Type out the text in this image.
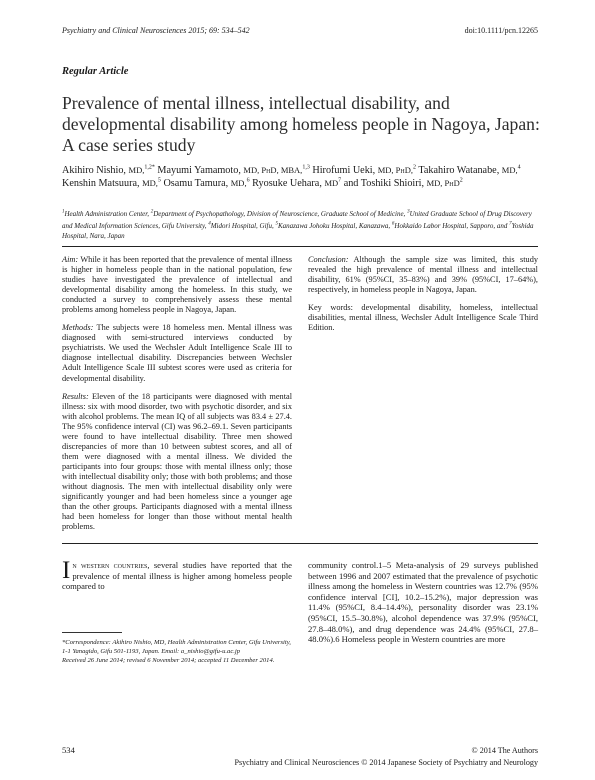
Psychiatry and Clinical Neurosciences 2015; 69: 534–542	doi:10.1111/pcn.12265
Regular Article
Prevalence of mental illness, intellectual disability, and developmental disability among homeless people in Nagoya, Japan: A case series study
Akihiro Nishio, MD,$^{1,2*}$ Mayumi Yamamoto, MD, PhD, MBA,$^{1,3}$ Hirofumi Ueki, MD, PhD,$^2$ Takahiro Watanabe, MD,$^4$ Kenshin Matsuura, MD,$^5$ Osamu Tamura, MD,$^6$ Ryosuke Uehara, $MD^7$ and Toshiki Shioiri, MD, PhD$^2$
$^1$Health Administration Center, $^2$Department of Psychopathology, Division of Neuroscience, Graduate School of Medicine, $^3$United Graduate School of Drug Discovery and Medical Information Sciences, Gifu University, $^4$Midori Hospital, Gifu, $^5$Kanazawa Johoku Hospital, Kanazawa, $^6$Hokkaido Labor Hospital, Sapporo, and $^7$Yoshida Hospital, Nara, Japan

Aim: While it has been reported that the prevalence of mental illness is higher in homeless people than in the national population, few studies have investigated the prevalence of intellectual and developmental disability among the homeless. In this study, we conducted a survey to comprehensively assess these mental problems among homeless people in Nagoya, Japan.

Methods: The subjects were 18 homeless men. Mental illness was diagnosed with semi-structured interviews conducted by psychiatrists. We used the Wechsler Adult Intelligence Scale III to diagnose intellectual disability. Discrepancies between Wechsler Adult Intelligence Scale III subtest scores were used as criteria for developmental disability.

Results: Eleven of the 18 participants were diagnosed with mental illness: six with mood disorder, two with psychotic disorder, and six with alcohol problems. The mean IQ of all subjects was 83.4 ± 27.4. The 95% confidence interval (CI) was 96.2–69.1. Seven participants were found to have intellectual disability. Three men showed discrepancies of more than 10 between subtest scores, and all of them were diagnosed with a mental illness. We divided the participants into four groups: those with mental illness only; those with intellectual disability only; those with both problems; and those without diagnosis. The men with intellectual disability only were significantly younger and had been homeless since a younger age than the other groups. Participants diagnosed with a mental illness had been homeless for longer than those without mental health problems.

Conclusion: Although the sample size was limited, this study revealed the high prevalence of mental illness and intellectual disability, 61% (95%CI, 35–83%) and 39% (95%CI, 17–64%), respectively, in homeless people in Nagoya, Japan.

Key words: developmental disability, homeless, intellectual disabilities, mental illness, Wechsler Adult Intelligence Scale Third Edition.

In western countries, several studies have reported that the prevalence of mental illness is higher among homeless people compared to
community control.1–5 Meta-analysis of 29 surveys published between 1996 and 2007 estimated that the prevalence of psychotic illness among the homeless in Western countries was 12.7% (95% confidence interval [CI], 10.2–15.2%), major depression was 11.4% (95%CI, 8.4–14.4%), personality disorder was 23.1% (95%CI, 15.5–30.8%), alcohol dependence was 37.9% (95%CI, 27.8–48.0%), and drug dependence was 24.4% (95%CI, 27.8–48.0%).6 Homeless people in Western countries are more
*Correspondence: Akihiro Nishio, MD, Health Administration Center, Gifu University, 1-1 Yanagido, Gifu 501-1193, Japan. Email: a_nishio@gifu-u.ac.jp
Received 26 June 2014; revised 6 November 2014; accepted 11 December 2014.
534	© 2014 The Authors
Psychiatry and Clinical Neurosciences © 2014 Japanese Society of Psychiatry and Neurology
